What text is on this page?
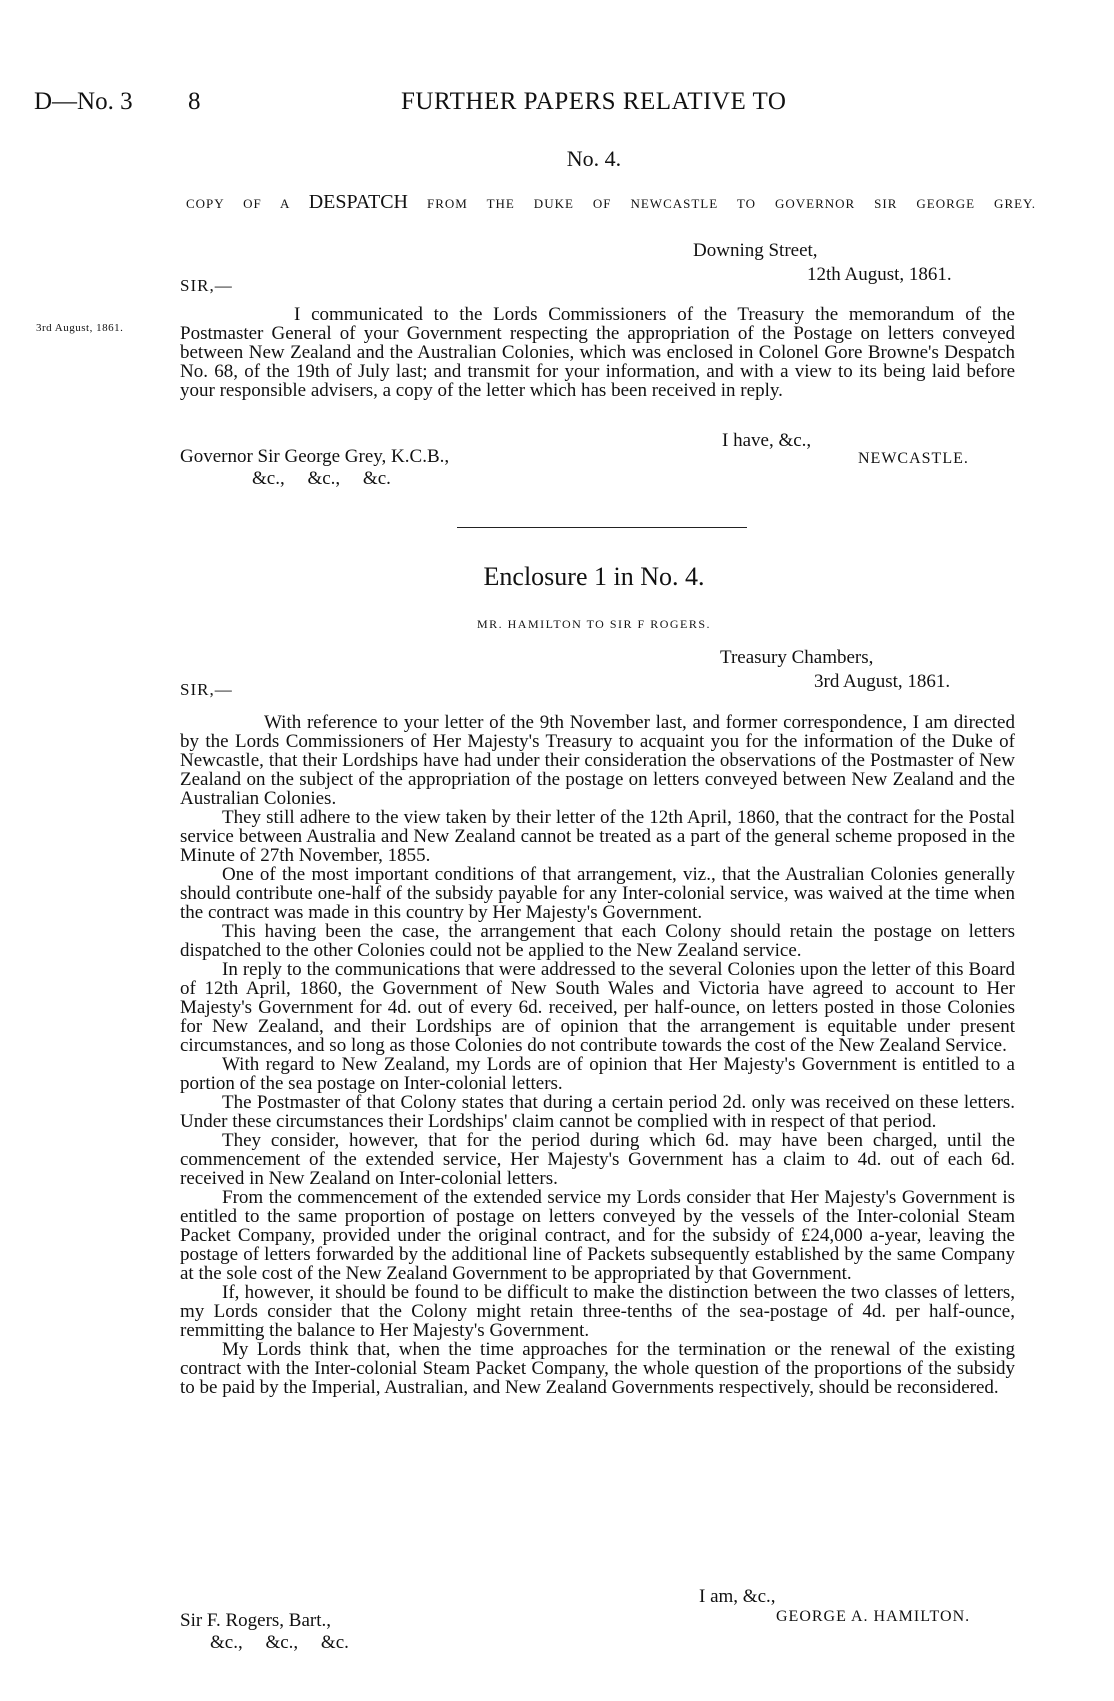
D—No. 3 8	FURTHER PAPERS RELATIVE TO
No. 4.
COPY OF A DESPATCH FROM THE DUKE OF NEWCASTLE TO GOVERNOR SIR GEORGE GREY.
Downing Street,
12th August, 1861.
SIR,—
3rd August, 1861.
I communicated to the Lords Commissioners of the Treasury the memorandum of the Postmaster General of your Government respecting the appropriation of the Postage on letters conveyed between New Zealand and the Australian Colonies, which was enclosed in Colonel Gore Browne's Despatch No. 68, of the 19th of July last; and transmit for your information, and with a view to its being laid before your responsible advisers, a copy of the letter which has been received in reply.
I have, &c.,
NEWCASTLE.
Governor Sir George Grey, K.C.B.,
&c., &c., &c.
Enclosure 1 in No. 4.
MR. HAMILTON TO SIR F ROGERS.
Treasury Chambers,
3rd August, 1861.
SIR,—

With reference to your letter of the 9th November last, and former correspondence, I am directed by the Lords Commissioners of Her Majesty's Treasury to acquaint you for the information of the Duke of Newcastle, that their Lordships have had under their consideration the observations of the Postmaster of New Zealand on the subject of the appropriation of the postage on letters conveyed between New Zealand and the Australian Colonies.

They still adhere to the view taken by their letter of the 12th April, 1860, that the contract for the Postal service between Australia and New Zealand cannot be treated as a part of the general scheme proposed in the Minute of 27th November, 1855.

One of the most important conditions of that arrangement, viz., that the Australian Colonies generally should contribute one-half of the subsidy payable for any Inter-colonial service, was waived at the time when the contract was made in this country by Her Majesty's Government.

This having been the case, the arrangement that each Colony should retain the postage on letters dispatched to the other Colonies could not be applied to the New Zealand service.

In reply to the communications that were addressed to the several Colonies upon the letter of this Board of 12th April, 1860, the Government of New South Wales and Victoria have agreed to account to Her Majesty's Government for 4d. out of every 6d. received, per half-ounce, on letters posted in those Colonies for New Zealand, and their Lordships are of opinion that the arrangement is equitable under present circumstances, and so long as those Colonies do not contribute towards the cost of the New Zealand Service.

With regard to New Zealand, my Lords are of opinion that Her Majesty's Government is entitled to a portion of the sea postage on Inter-colonial letters.

The Postmaster of that Colony states that during a certain period 2d. only was received on these letters. Under these circumstances their Lordships' claim cannot be complied with in respect of that period.

They consider, however, that for the period during which 6d. may have been charged, until the commencement of the extended service, Her Majesty's Government has a claim to 4d. out of each 6d. received in New Zealand on Inter-colonial letters.

From the commencement of the extended service my Lords consider that Her Majesty's Government is entitled to the same proportion of postage on letters conveyed by the vessels of the Inter-colonial Steam Packet Company, provided under the original contract, and for the subsidy of £24,000 a-year, leaving the postage of letters forwarded by the additional line of Packets subsequently established by the same Company at the sole cost of the New Zealand Government to be appropriated by that Government.

If, however, it should be found to be difficult to make the distinction between the two classes of letters, my Lords consider that the Colony might retain three-tenths of the sea-postage of 4d. per half-ounce, remmitting the balance to Her Majesty's Government.

My Lords think that, when the time approaches for the termination or the renewal of the existing contract with the Inter-colonial Steam Packet Company, the whole question of the proportions of the subsidy to be paid by the Imperial, Australian, and New Zealand Governments respectively, should be reconsidered.

I am, &c.,
GEORGE A. HAMILTON.
Sir F. Rogers, Bart.,
&c., &c., &c.
